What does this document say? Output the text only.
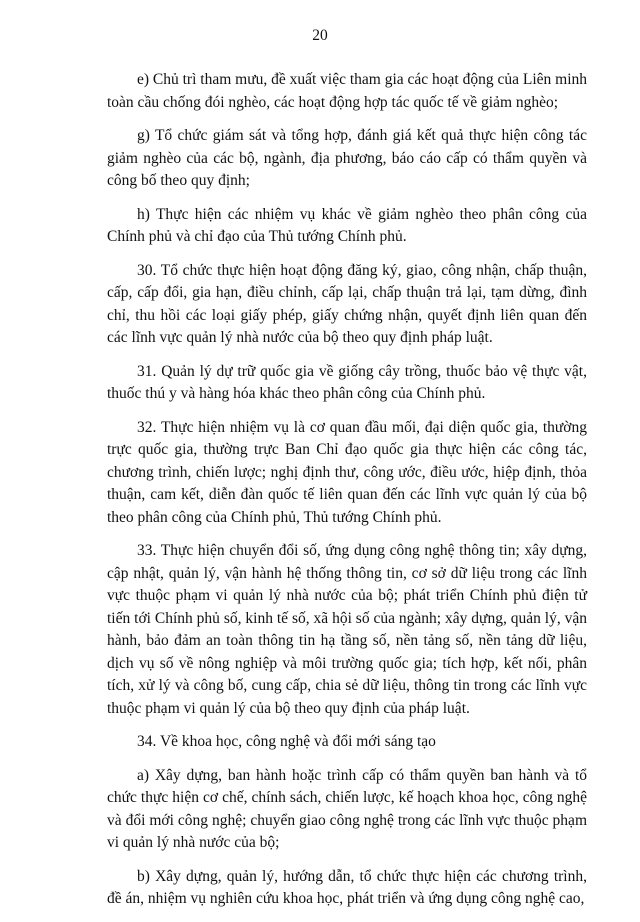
20

e) Chủ trì tham mưu, đề xuất việc tham gia các hoạt động của Liên minh toàn cầu chống đói nghèo, các hoạt động hợp tác quốc tế về giảm nghèo;

g) Tổ chức giám sát và tổng hợp, đánh giá kết quả thực hiện công tác giảm nghèo của các bộ, ngành, địa phương, báo cáo cấp có thẩm quyền và công bố theo quy định;

h) Thực hiện các nhiệm vụ khác về giảm nghèo theo phân công của Chính phủ và chỉ đạo của Thủ tướng Chính phủ.

30. Tổ chức thực hiện hoạt động đăng ký, giao, công nhận, chấp thuận, cấp, cấp đổi, gia hạn, điều chỉnh, cấp lại, chấp thuận trả lại, tạm dừng, đình chỉ, thu hồi các loại giấy phép, giấy chứng nhận, quyết định liên quan đến các lĩnh vực quản lý nhà nước của bộ theo quy định pháp luật.

31. Quản lý dự trữ quốc gia về giống cây trồng, thuốc bảo vệ thực vật, thuốc thú y và hàng hóa khác theo phân công của Chính phủ.

32. Thực hiện nhiệm vụ là cơ quan đầu mối, đại diện quốc gia, thường trực quốc gia, thường trực Ban Chỉ đạo quốc gia thực hiện các công tác, chương trình, chiến lược; nghị định thư, công ước, điều ước, hiệp định, thỏa thuận, cam kết, diễn đàn quốc tế liên quan đến các lĩnh vực quản lý của bộ theo phân công của Chính phủ, Thủ tướng Chính phủ.

33. Thực hiện chuyển đổi số, ứng dụng công nghệ thông tin; xây dựng, cập nhật, quản lý, vận hành hệ thống thông tin, cơ sở dữ liệu trong các lĩnh vực thuộc phạm vi quản lý nhà nước của bộ; phát triển Chính phủ điện tử tiến tới Chính phủ số, kinh tế số, xã hội số của ngành; xây dựng, quản lý, vận hành, bảo đảm an toàn thông tin hạ tầng số, nền tảng số, nền tảng dữ liệu, dịch vụ số về nông nghiệp và môi trường quốc gia; tích hợp, kết nối, phân tích, xử lý và công bố, cung cấp, chia sẻ dữ liệu, thông tin trong các lĩnh vực thuộc phạm vi quản lý của bộ theo quy định của pháp luật.

34. Về khoa học, công nghệ và đổi mới sáng tạo

a) Xây dựng, ban hành hoặc trình cấp có thẩm quyền ban hành và tổ chức thực hiện cơ chế, chính sách, chiến lược, kế hoạch khoa học, công nghệ và đổi mới công nghệ; chuyển giao công nghệ trong các lĩnh vực thuộc phạm vi quản lý nhà nước của bộ;

b) Xây dựng, quản lý, hướng dẫn, tổ chức thực hiện các chương trình, đề án, nhiệm vụ nghiên cứu khoa học, phát triển và ứng dụng công nghệ cao,
